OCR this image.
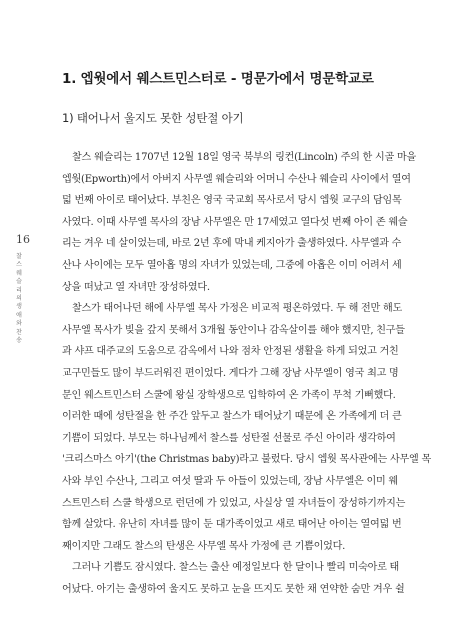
1. 엡웟에서 웨스트민스터로 - 명문가에서 명문학교로
1) 태어나서 울지도 못한 성탄절 아기
16
찰스 웨슬리의 생애와 찬송
찰스 웨슬리는 1707년 12월 18일 영국 북부의 링컨(Lincoln) 주의 한 시골 마을
엡웟(Epworth)에서 아버지 사무엘 웨슬리와 어머니 수산나 웨슬리 사이에서 열여
덟 번째 아이로 태어났다. 부친은 영국 국교회 목사로서 당시 엡웟 교구의 담임목
사였다. 이때 사무엘 목사의 장남 사무엘은 만 17세였고 열다섯 번째 아이 존 웨슬
리는 겨우 네 살이었는데, 바로 2년 후에 막내 케지아가 출생하였다. 사무엘과 수
산나 사이에는 모두 열아홉 명의 자녀가 있었는데, 그중에 아홉은 이미 어려서 세
상을 떠났고 열 자녀만 장성하였다.
찰스가 태어나던 해에 사무엘 목사 가정은 비교적 평온하였다. 두 해 전만 해도
사무엘 목사가 빚을 갚지 못해서 3개월 동안이나 감옥살이를 해야 했지만, 친구들
과 샤프 대주교의 도움으로 감옥에서 나와 점차 안정된 생활을 하게 되었고 거친
교구민들도 많이 부드러워진 편이었다. 게다가 그해 장남 사무엘이 영국 최고 명
문인 웨스트민스터 스쿨에 왕실 장학생으로 입학하여 온 가족이 무척 기뻐했다.
이러한 때에 성탄절을 한 주간 앞두고 찰스가 태어났기 때문에 온 가족에게 더 큰
기쁨이 되었다. 부모는 하나님께서 찰스를 성탄절 선물로 주신 아이라 생각하여
'크리스마스 아기'(the Christmas baby)라고 불렀다. 당시 엡웟 목사관에는 사무엘 목
사와 부인 수산나, 그리고 여섯 딸과 두 아들이 있었는데, 장남 사무엘은 이미 웨
스트민스터 스쿨 학생으로 런던에 가 있었고, 사실상 열 자녀들이 장성하기까지는
함께 살았다. 유난히 자녀를 많이 둔 대가족이었고 새로 태어난 아이는 열여덟 번
째이지만 그래도 찰스의 탄생은 사무엘 목사 가정에 큰 기쁨이었다.
그러나 기쁨도 잠시였다. 찰스는 출산 예정일보다 한 달이나 빨리 미숙아로 태
어났다. 아기는 출생하여 울지도 못하고 눈을 뜨지도 못한 채 연약한 숨만 겨우 쉴
